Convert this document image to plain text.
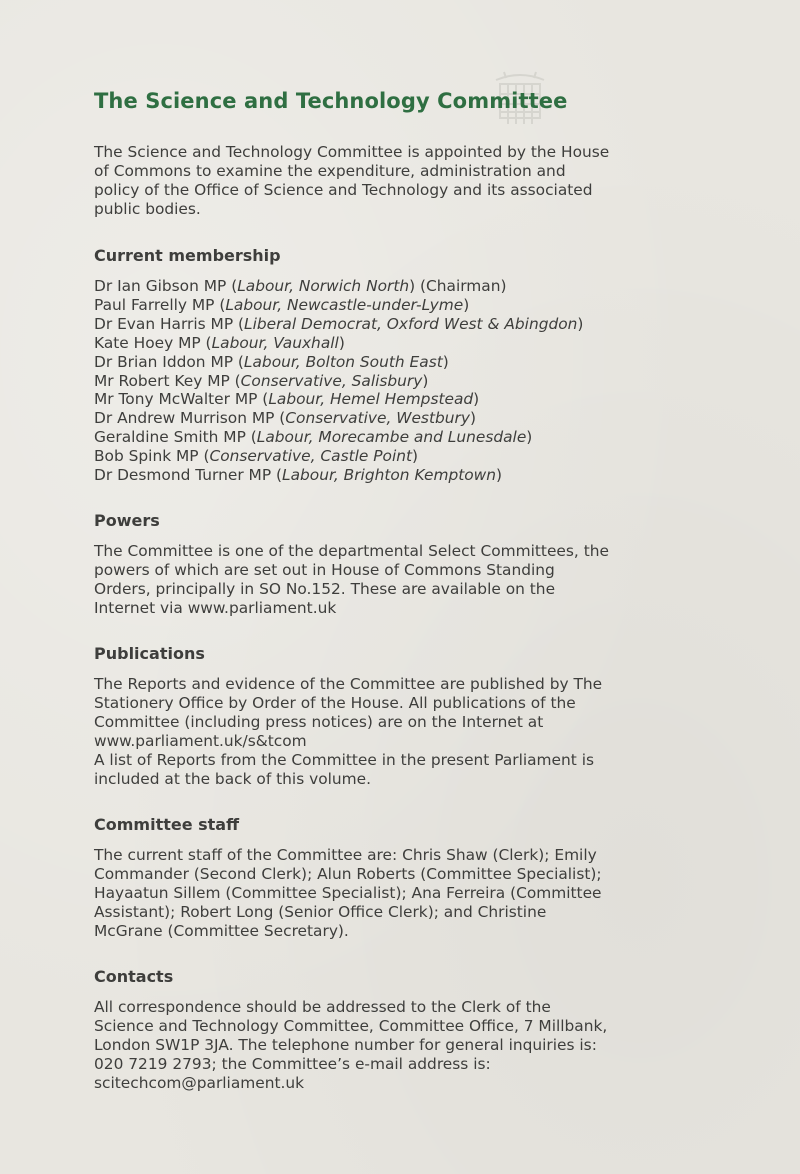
The Science and Technology Committee

The Science and Technology Committee is appointed by the House of Commons to examine the expenditure, administration and policy of the Office of Science and Technology and its associated public bodies.

Current membership
Dr Ian Gibson MP (Labour, Norwich North) (Chairman)
Paul Farrelly MP (Labour, Newcastle-under-Lyme)
Dr Evan Harris MP (Liberal Democrat, Oxford West & Abingdon)
Kate Hoey MP (Labour, Vauxhall)
Dr Brian Iddon MP (Labour, Bolton South East)
Mr Robert Key MP (Conservative, Salisbury)
Mr Tony McWalter MP (Labour, Hemel Hempstead)
Dr Andrew Murrison MP (Conservative, Westbury)
Geraldine Smith MP (Labour, Morecambe and Lunesdale)
Bob Spink MP (Conservative, Castle Point)
Dr Desmond Turner MP (Labour, Brighton Kemptown)
Powers

The Committee is one of the departmental Select Committees, the powers of which are set out in House of Commons Standing Orders, principally in SO No.152. These are available on the Internet via www.parliament.uk

Publications

The Reports and evidence of the Committee are published by The Stationery Office by Order of the House. All publications of the Committee (including press notices) are on the Internet at www.parliament.uk/s&tcom

A list of Reports from the Committee in the present Parliament is included at the back of this volume.

Committee staff

The current staff of the Committee are: Chris Shaw (Clerk); Emily Commander (Second Clerk); Alun Roberts (Committee Specialist); Hayaatun Sillem (Committee Specialist); Ana Ferreira (Committee Assistant); Robert Long (Senior Office Clerk); and Christine McGrane (Committee Secretary).

Contacts

All correspondence should be addressed to the Clerk of the Science and Technology Committee, Committee Office, 7 Millbank, London SW1P 3JA. The telephone number for general inquiries is: 020 7219 2793; the Committee’s e-mail address is: scitechcom@parliament.uk
